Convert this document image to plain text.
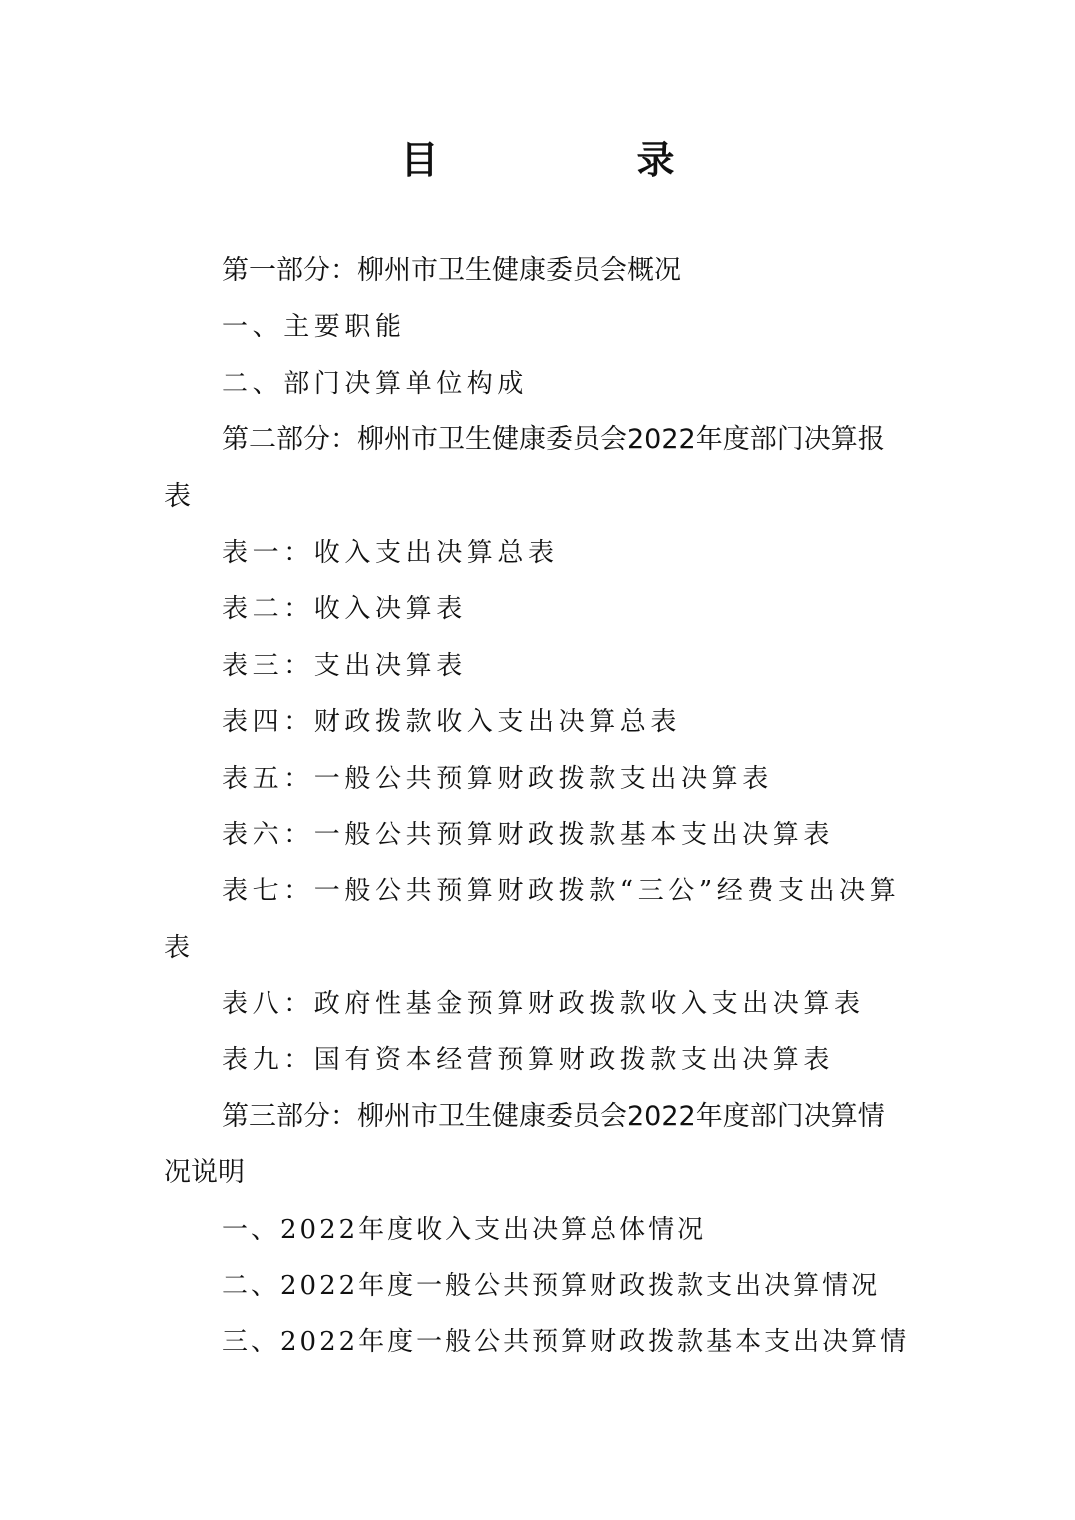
目　录
第一部分：柳州市卫生健康委员会概况
一、主要职能
二、部门决算单位构成
第二部分：柳州市卫生健康委员会2022年度部门决算报
表
表一：收入支出决算总表
表二：收入决算表
表三：支出决算表
表四：财政拨款收入支出决算总表
表五：一般公共预算财政拨款支出决算表
表六：一般公共预算财政拨款基本支出决算表
表七：一般公共预算财政拨款“三公”经费支出决算
表
表八：政府性基金预算财政拨款收入支出决算表
表九：国有资本经营预算财政拨款支出决算表
第三部分：柳州市卫生健康委员会2022年度部门决算情
况说明
一、2022年度收入支出决算总体情况
二、2022年度一般公共预算财政拨款支出决算情况
三、2022年度一般公共预算财政拨款基本支出决算情
